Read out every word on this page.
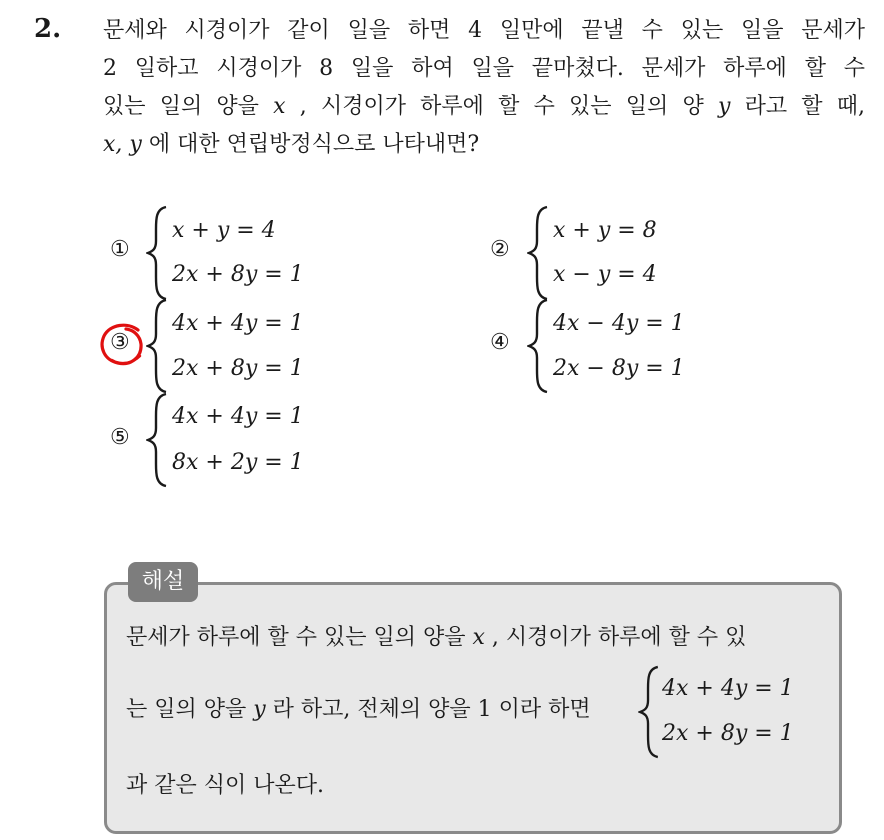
2. 문세와 시경이가 같이 일을 하면 4 일만에 끝낼 수 있는 일을 문세가
2 일하고 시경이가 8 일을 하여 일을 끝마쳤다. 문세가 하루에 할 수
있는 일의 양을 x , 시경이가 하루에 할 수 있는 일의 양 y 라고 할 때,
x, y 에 대한 연립방정식으로 나타내면?
①
x + y = 4
2x + 8y = 1
②
x + y = 8
x − y = 4
③
4x + 4y = 1
2x + 8y = 1
④
4x − 4y = 1
2x − 8y = 1
⑤
4x + 4y = 1
8x + 2y = 1
해설
문세가 하루에 할 수 있는 일의 양을 x , 시경이가 하루에 할 수 있
는 일의 양을 y 라 하고, 전체의 양을 1 이라 하면
4x + 4y = 1
2x + 8y = 1
과 같은 식이 나온다.
